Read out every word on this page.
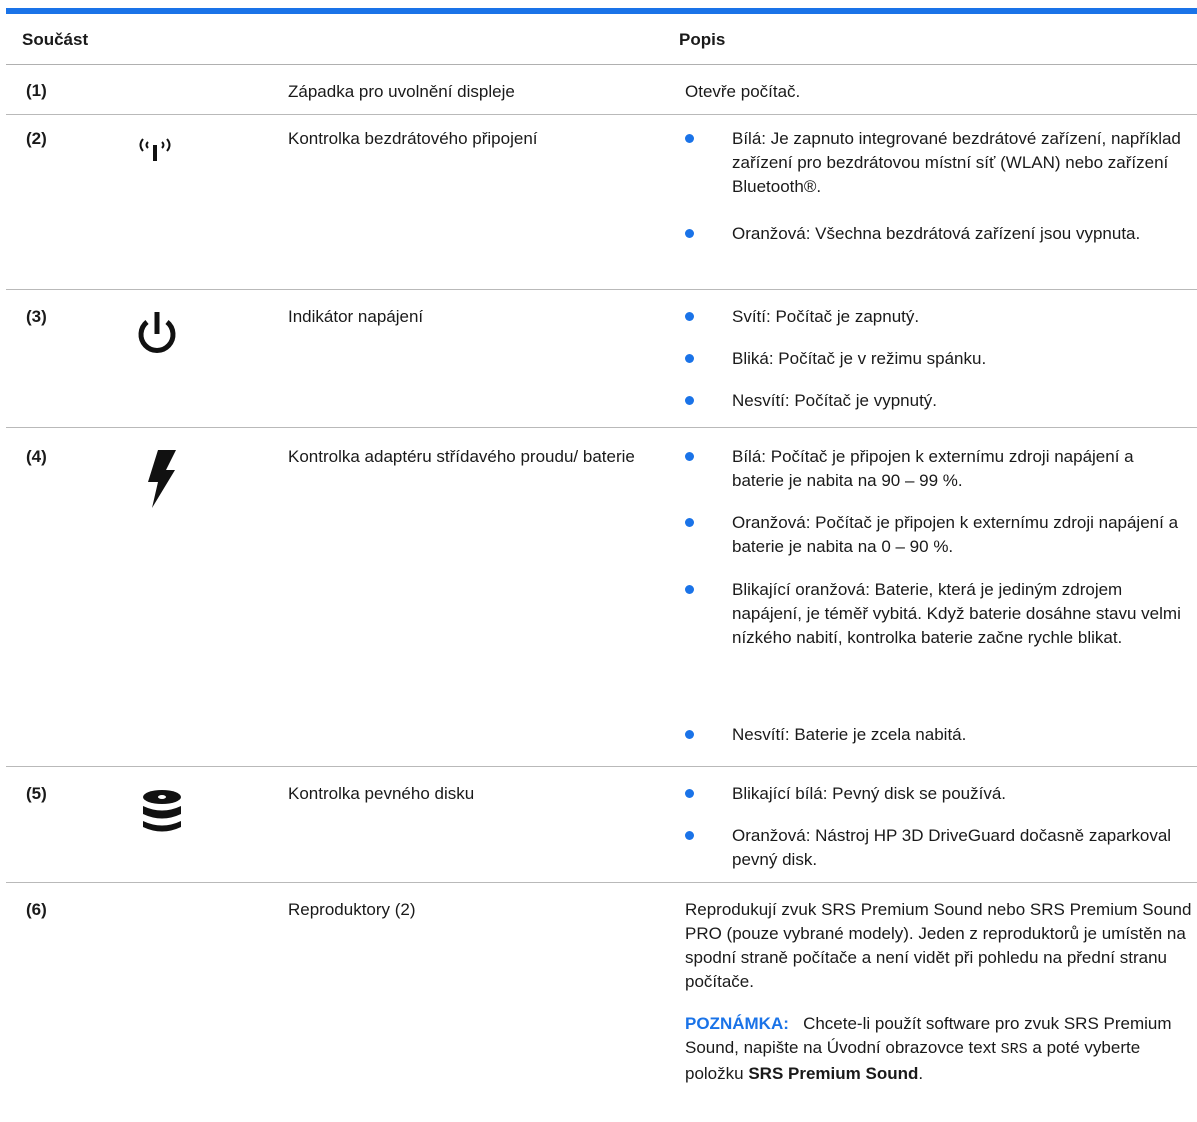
Součást	Popis
(1)	Západka pro uvolnění displeje	Otevře počítač.
(2)	Kontrolka bezdrátového připojení	Bílá: Je zapnuto integrované bezdrátové zařízení, například zařízení pro bezdrátovou místní síť (WLAN) nebo zařízení Bluetooth®.
Oranžová: Všechna bezdrátová zařízení jsou vypnuta.
(3)	Indikátor napájení	Svítí: Počítač je zapnutý.
Bliká: Počítač je v režimu spánku.
Nesvítí: Počítač je vypnutý.
(4)	Kontrolka adaptéru střídavého proudu/ baterie	Bílá: Počítač je připojen k externímu zdroji napájení a baterie je nabita na 90 – 99 %.
Oranžová: Počítač je připojen k externímu zdroji napájení a baterie je nabita na 0 – 90 %.
Blikající oranžová: Baterie, která je jediným zdrojem napájení, je téměř vybitá. Když baterie dosáhne stavu velmi nízkého nabití, kontrolka baterie začne rychle blikat.
Nesvítí: Baterie je zcela nabitá.
(5)	Kontrolka pevného disku	Blikající bílá: Pevný disk se používá.
Oranžová: Nástroj HP 3D DriveGuard dočasně zaparkoval pevný disk.
(6)	Reproduktory (2)	Reprodukují zvuk SRS Premium Sound nebo SRS Premium Sound PRO (pouze vybrané modely). Jeden z reproduktorů je umístěn na spodní straně počítače a není vidět při pohledu na přední stranu počítače.
POZNÁMKA: Chcete-li použít software pro zvuk SRS Premium Sound, napište na Úvodní obrazovce text SRS a poté vyberte položku SRS Premium Sound.
